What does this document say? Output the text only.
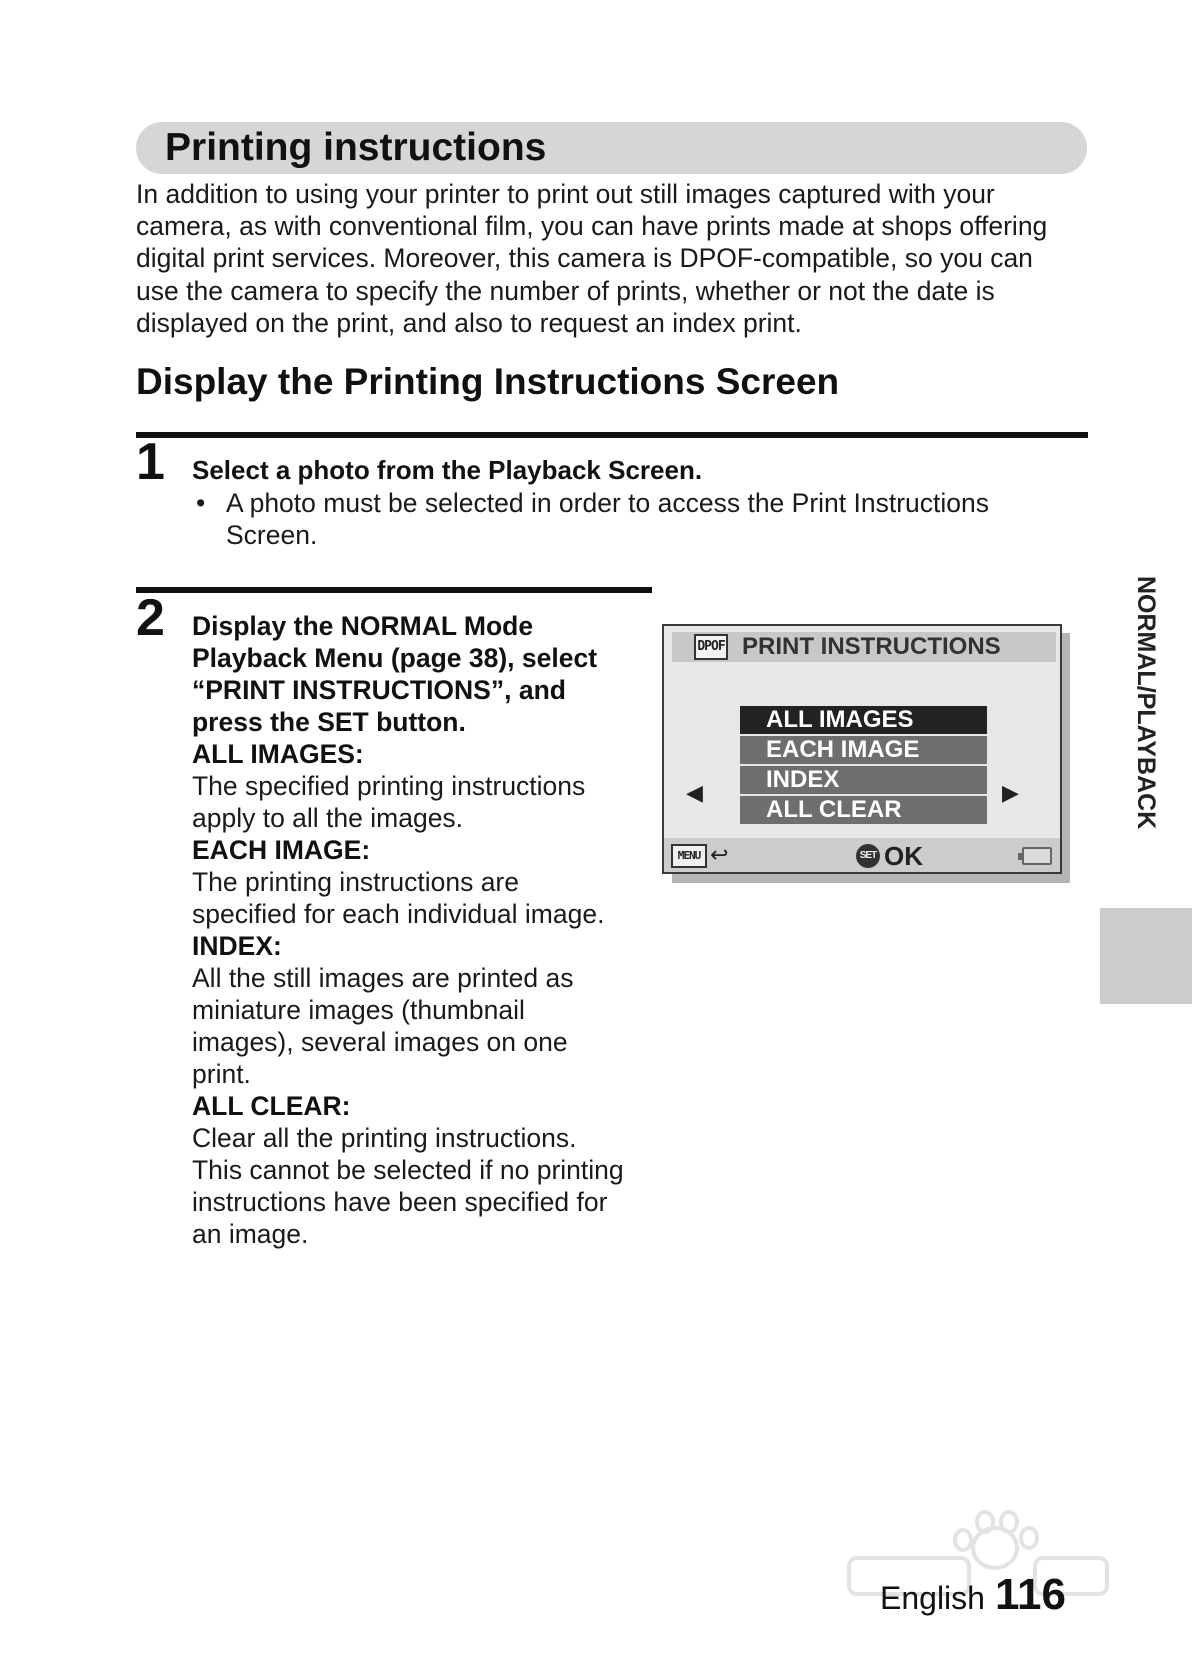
Printing instructions

In addition to using your printer to print out still images captured with your
camera, as with conventional film, you can have prints made at shops offering
digital print services. Moreover, this camera is DPOF-compatible, so you can
use the camera to specify the number of prints, whether or not the date is
displayed on the print, and also to request an index print.

Display the Printing Instructions Screen
1 Select a photo from the Playback Screen.

• A photo must be selected in order to access the Print Instructions
Screen.
2 Display the NORMAL Mode
Playback Menu (page 38), select
“PRINT INSTRUCTIONS”, and
press the SET button.
ALL IMAGES:
The specified printing instructions
apply to all the images.
EACH IMAGE:
The printing instructions are
specified for each individual image.
INDEX:
All the still images are printed as
miniature images (thumbnail
images), several images on one
print.
ALL CLEAR:
Clear all the printing instructions.
This cannot be selected if no printing
instructions have been specified for
an image.
DPOF PRINT INSTRUCTIONS
◀
ALL IMAGES
EACH IMAGE
INDEX
ALL CLEAR
▶
MENU ↩	SET OK
NORMAL/PLAYBACK
English 116
